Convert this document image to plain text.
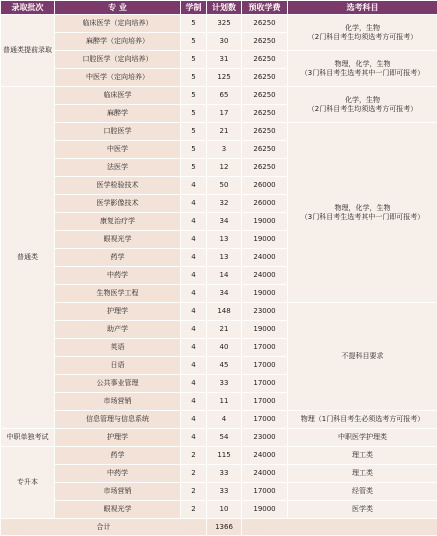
录取批次	专 业	学制	计划数	预收学费	选考科目
普通类提前录取	临床医学（定向培养）	5	325	26250	化学，生物
（2门科目考生均须选考方可报考）
	麻醉学（定向培养）	5	30	26250	
	口腔医学（定向培养）	5	31	26250	物理，化学，生物
（3门科目考生选考其中一门即可报考）
	中医学（定向培养）	5	125	26250	
普通类	临床医学	5	65	26250	化学，生物
（2门科目考生均须选考方可报考）
	麻醉学	5	17	26250	
	口腔医学	5	21	26250	物理，化学，生物
（3门科目考生选考其中一门即可报考）
	中医学	5	3	26250	
	法医学	5	12	26250	
	医学检验技术	4	50	26000	
	医学影像技术	4	32	26000	
	康复治疗学	4	34	19000	
	眼视光学	4	13	19000	
	药学	4	13	24000	
	中药学	4	14	24000	
	生物医学工程	4	34	19000	
	护理学	4	148	23000	不提科目要求
	助产学	4	21	19000	
	英语	4	40	17000	
	日语	4	45	17000	
	公共事业管理	4	33	17000	
	市场营销	4	11	17000	
	信息管理与信息系统	4	4	17000	物理（1门科目考生必须选考方可报考）
中职单独考试	护理学	4	54	23000	中职医学护理类
专升本	药学	2	115	24000	理工类
	中药学	2	33	24000	理工类
	市场营销	2	33	17000	经管类
	眼视光学	2	10	19000	医学类
合计			1366		
